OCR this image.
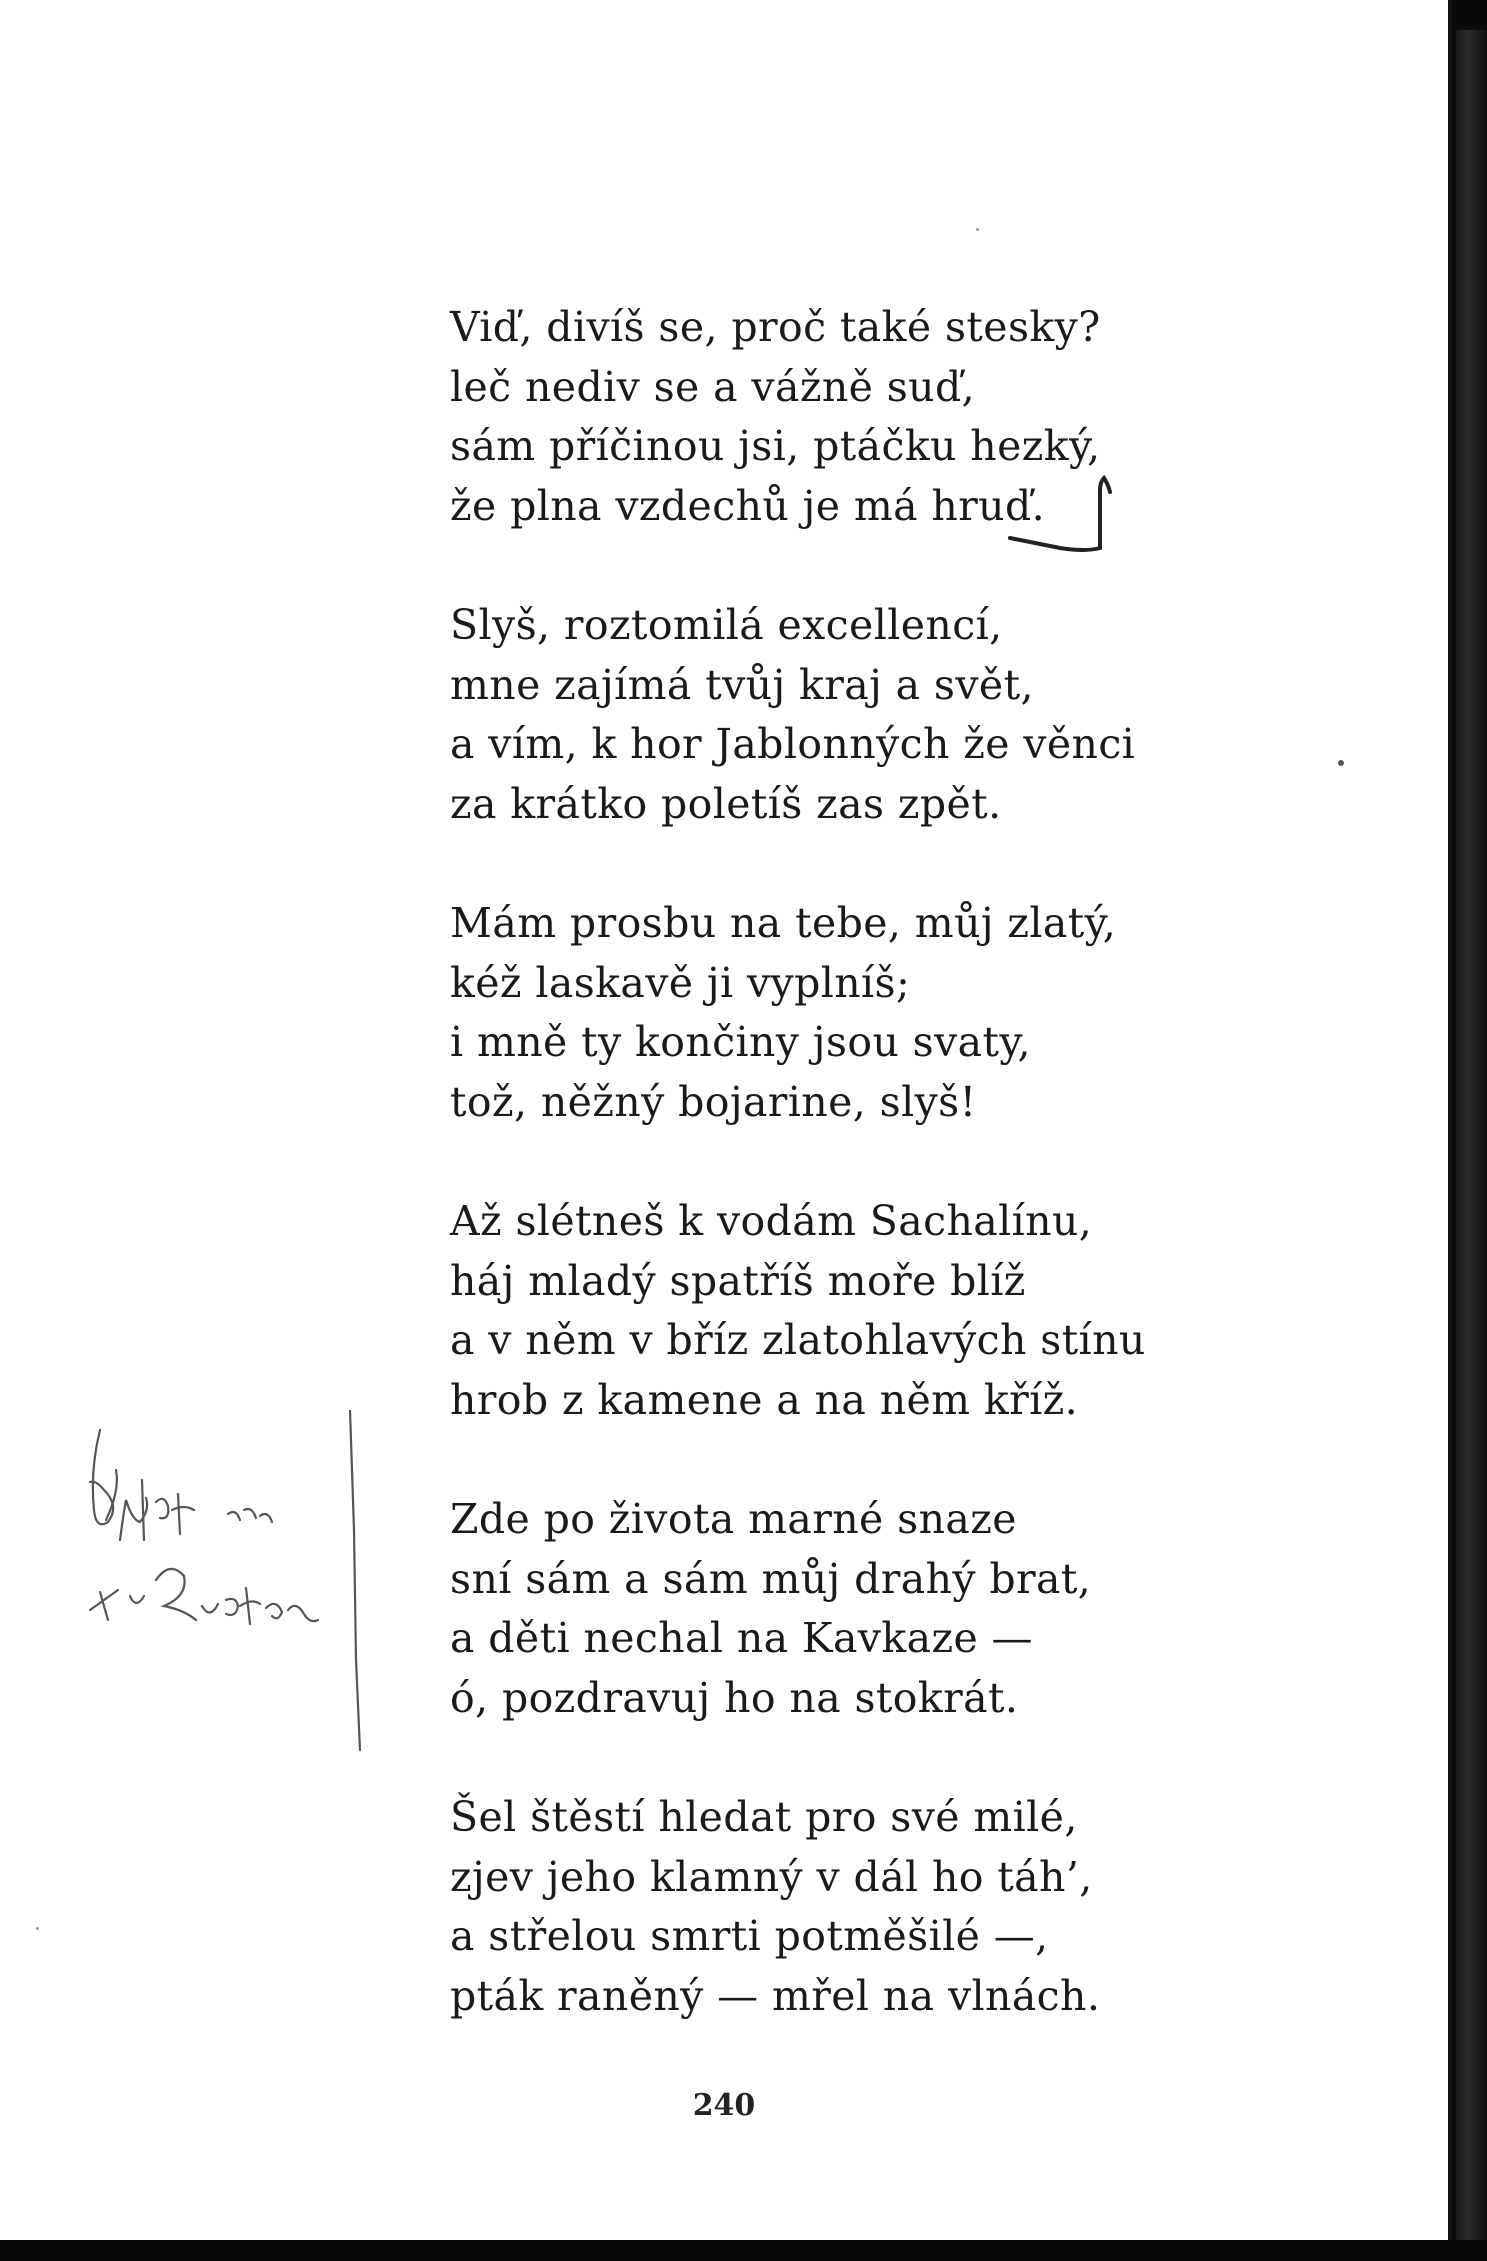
Viď, divíš se, proč také stesky?
leč nediv se a vážně suď,
sám příčinou jsi, ptáčku hezký,
že plna vzdechů je má hruď.
Slyš, roztomilá excellencí,
mne zajímá tvůj kraj a svět,
a vím, k hor Jablonných že věnci
za krátko poletíš zas zpět.
Mám prosbu na tebe, můj zlatý,
kéž laskavě ji vyplníš;
i mně ty končiny jsou svaty,
tož, něžný bojarine, slyš!
Až slétneš k vodám Sachalínu,
háj mladý spatříš moře blíž
a v něm v bříz zlatohlavých stínu
hrob z kamene a na něm kříž.
Zde po života marné snaze
sní sám a sám můj drahý brat,
a děti nechal na Kavkaze —
ó, pozdravuj ho na stokrát.
Šel štěstí hledat pro své milé,
zjev jeho klamný v dál ho táh’,
a střelou smrti potměšilé —,
pták raněný — mřel na vlnách.
240
